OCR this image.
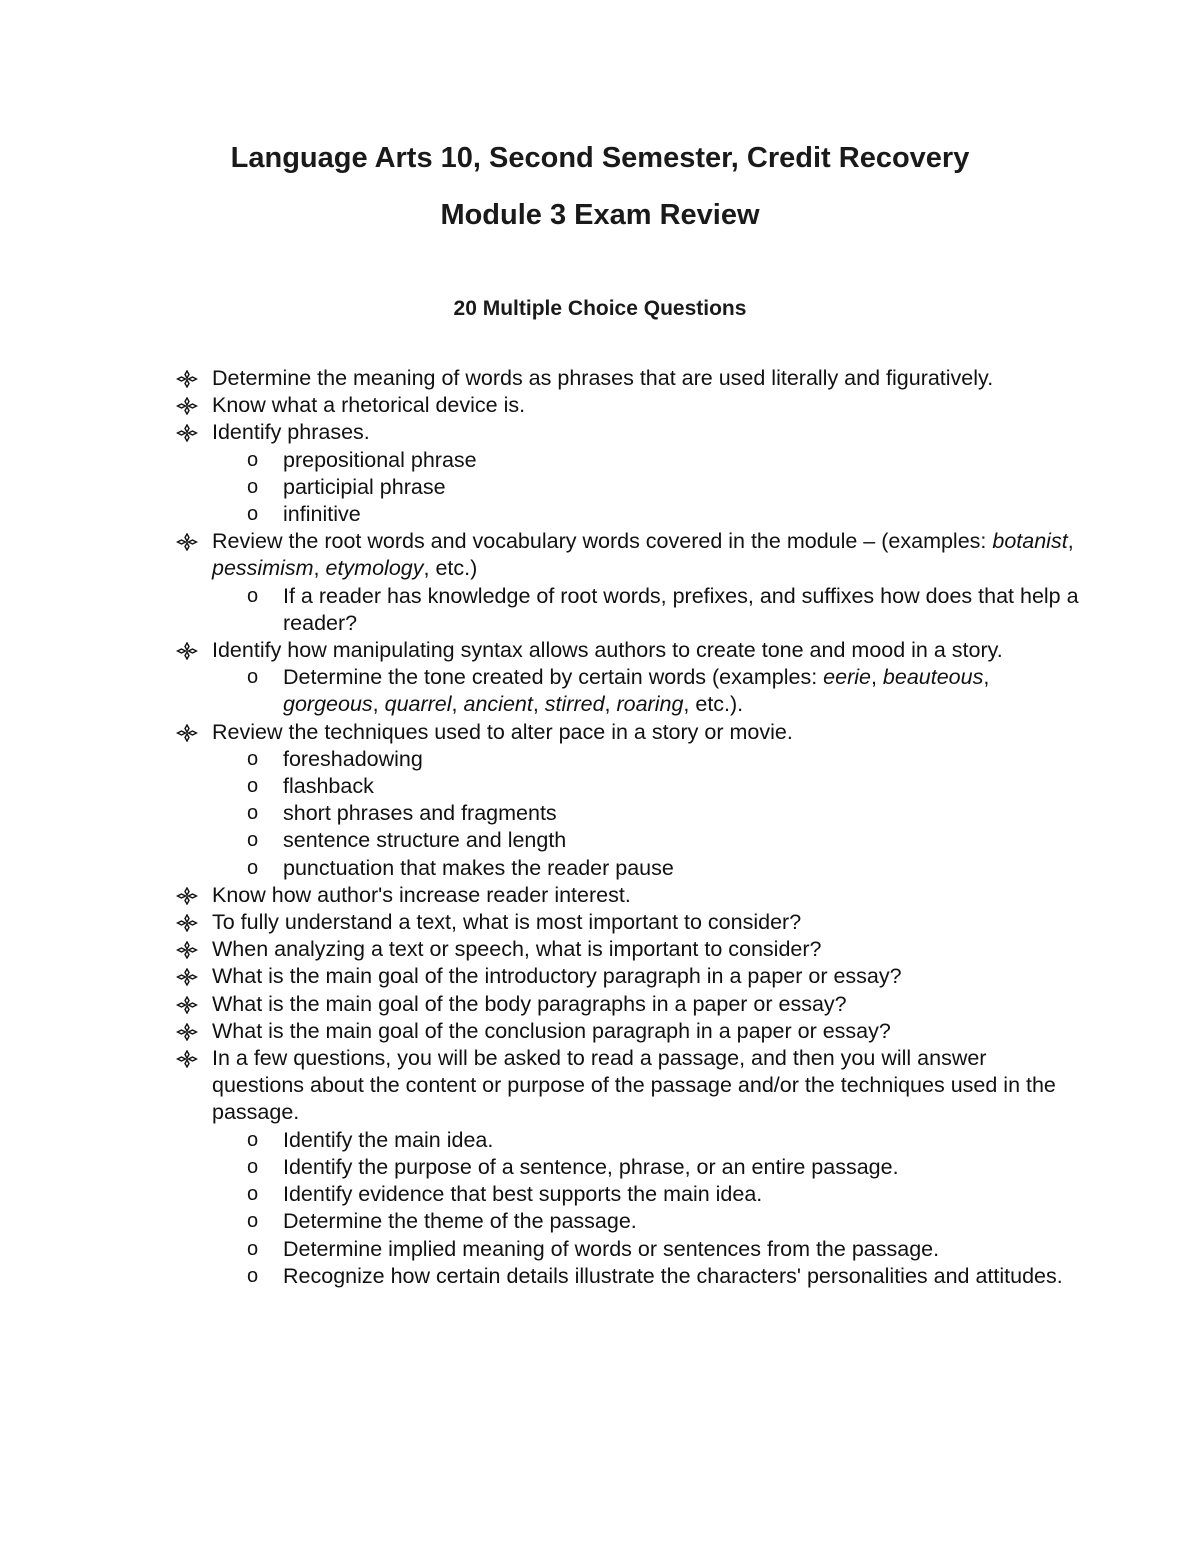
Language Arts 10, Second Semester, Credit Recovery
Module 3 Exam Review
20 Multiple Choice Questions
Determine the meaning of words as phrases that are used literally and figuratively.
Know what a rhetorical device is.
Identify phrases.
o prepositional phrase
o participial phrase
o infinitive
Review the root words and vocabulary words covered in the module – (examples: botanist, pessimism, etymology, etc.)
o If a reader has knowledge of root words, prefixes, and suffixes how does that help a reader?
Identify how manipulating syntax allows authors to create tone and mood in a story.
o Determine the tone created by certain words (examples: eerie, beauteous, gorgeous, quarrel, ancient, stirred, roaring, etc.).
Review the techniques used to alter pace in a story or movie.
o foreshadowing
o flashback
o short phrases and fragments
o sentence structure and length
o punctuation that makes the reader pause
Know how author's increase reader interest.
To fully understand a text, what is most important to consider?
When analyzing a text or speech, what is important to consider?
What is the main goal of the introductory paragraph in a paper or essay?
What is the main goal of the body paragraphs in a paper or essay?
What is the main goal of the conclusion paragraph in a paper or essay?
In a few questions, you will be asked to read a passage, and then you will answer questions about the content or purpose of the passage and/or the techniques used in the passage.
o Identify the main idea.
o Identify the purpose of a sentence, phrase, or an entire passage.
o Identify evidence that best supports the main idea.
o Determine the theme of the passage.
o Determine implied meaning of words or sentences from the passage.
o Recognize how certain details illustrate the characters' personalities and attitudes.
